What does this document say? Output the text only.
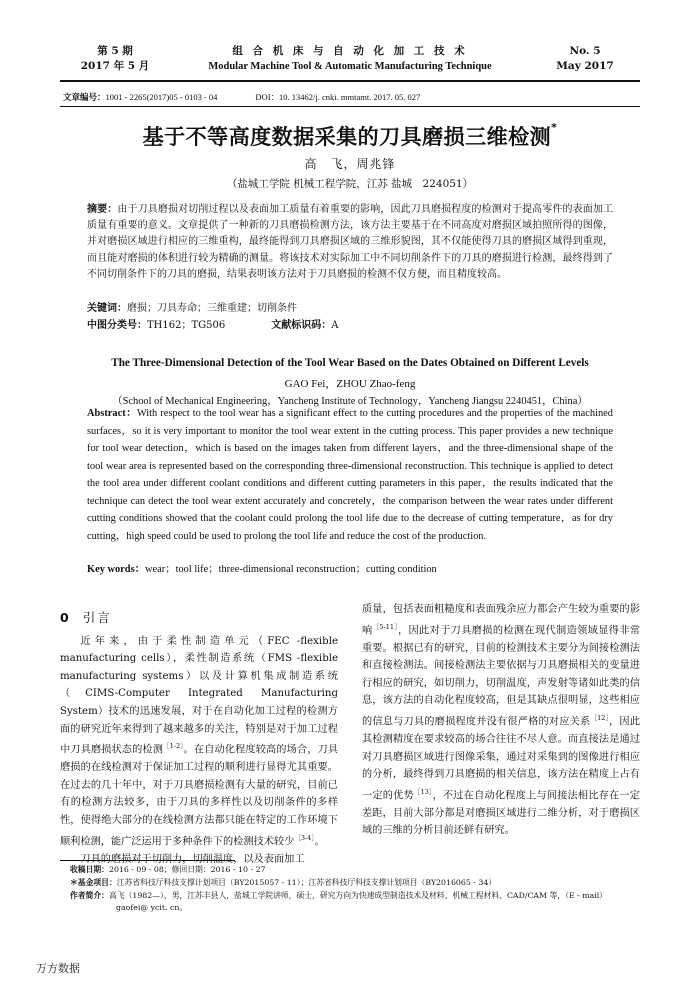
第 5 期
2017 年 5 月
组 合 机 床 与 自 动 化 加 工 技 术
Modular Machine Tool & Automatic Manufacturing Technique
No. 5
May 2017
文章编号：1001 - 2265(2017)05 - 0103 - 04	DOI：10. 13462/j. cnki. mmtamt. 2017. 05. 027
基于不等高度数据采集的刀具磨损三维检测*
高　飞，周兆锋
（盐城工学院 机械工程学院，江苏 盐城　224051）
摘要：由于刀具磨损对切削过程以及表面加工质量有着重要的影响，因此刀具磨损程度的检测对于提高零件的表面加工质量有重要的意义。文章提供了一种新的刀具磨损检测方法，该方法主要基于在不同高度对磨损区域拍照所得的图像，并对磨损区域进行相应的三维重构，最终能得到刀具磨损区域的三维形貌图，其不仅能使得刀具的磨损区域得到重现，而且能对磨损的体积进行较为精确的测量。将该技术对实际加工中不同切削条件下的刀具的磨损进行检测，最终得到了不同切削条件下的刀具的磨损，结果表明该方法对于刀具磨损的检测不仅方便，而且精度较高。
关键词：磨损；刀具寿命；三维重建；切削条件
中图分类号：TH162；TG506	文献标识码：A
The Three-Dimensional Detection of the Tool Wear Based on the Dates Obtained on Different Levels
GAO Fei，ZHOU Zhao-feng
（School of Mechanical Engineering，Yancheng Institute of Technology，Yancheng Jiangsu 2240451，China）
Abstract：With respect to the tool wear has a significant effect to the cutting procedures and the properties of the machined surfaces，so it is very important to monitor the tool wear extent in the cutting process. This paper provides a new technique for tool wear detection，which is based on the images taken from different layers，and the three-dimensional shape of the tool wear area is represented based on the corresponding three-dimensional reconstruction. This technique is applied to detect the tool area under different coolant conditions and different cutting parameters in this paper，the results indicated that the technique can detect the tool wear extent accurately and concretely，the comparison between the wear rates under different cutting conditions showed that the coolant could prolong the tool life due to the decrease of cutting temperature，as for dry cutting，high speed could be used to prolong the tool life and reduce the cost of the production.
Key words：wear；tool life；three-dimensional reconstruction；cutting condition
0 引言

近年来，由于柔性制造单元（FEC -flexible manufacturing cells），柔性制造系统（FMS -flexible manufacturing systems）以及计算机集成制造系统（CIMS-Computer Integrated Manufacturing System）技术的迅速发展，对于在自动化加工过程的检测方面的研究近年来得到了越来越多的关注，特别是对于加工过程中刀具磨损状态的检测$^{[1-2]}$。在自动化程度较高的场合，刀具磨损的在线检测对于保证加工过程的顺利进行显得尤其重要。在过去的几十年中，对于刀具磨损检测有大量的研究，目前已有的检测方法较多，由于刀具的多样性以及切削条件的多样性，使得绝大部分的在线检测方法都只能在特定的工作环境下顺利检测，能广泛运用于多种条件下的检测技术较少$^{[3-4]}$。

刀具的磨损对于切削力，切削温度，以及表面加工

质量，包括表面粗糙度和表面残余应力都会产生较为重要的影响$^{[5-11]}$，因此对于刀具磨损的检测在现代制造领域显得非常重要。根据已有的研究，目前的检测技术主要分为间接检测法和直接检测法。间接检测法主要依据与刀具磨损相关的变量进行相应的研究，如切削力，切削温度，声发射等诸如此类的信息，该方法的自动化程度较高，但是其缺点很明显，这些相应的信息与刀具的磨损程度并没有很严格的对应关系$^{[12]}$，因此其检测精度在要求较高的场合往往不尽人意。而直接法是通过对刀具磨损区域进行图像采集，通过对采集到的图像进行相应的分析，最终得到刀具磨损的相关信息，该方法在精度上占有一定的优势$^{[13]}$，不过在自动化程度上与间接法相比存在一定差距，目前大部分都是对磨损区域进行二维分析，对于磨损区域的三维的分析目前还鲜有研究。

收稿日期：2016 - 09 - 08；修回日期：2016 - 10 - 27
＊基金项目：江苏省科技厅科技支撑计划项目（BY2015057 - 11）；江苏省科技厅科技支撑计划项目（BY2016065 - 34）
作者简介：高飞（1982—），男，江苏丰县人，盐城工学院讲师，硕士，研究方向为快速成型制造技术及材料、机械工程材料、CAD/CAM 等，（E - mail）
gaofei@ ycit. cn。
万方数据
